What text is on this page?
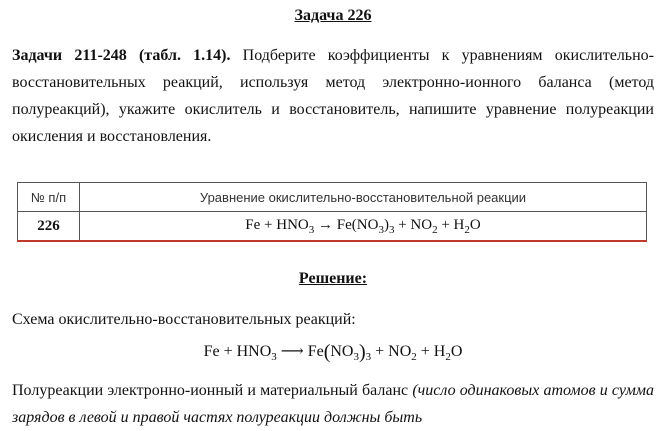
Задача 226
Задачи 211-248 (табл. 1.14). Подберите коэффициенты к уравнениям окислительно-восстановительных реакций, используя метод электронно-ионного баланса (метод полуреакций), укажите окислитель и восстановитель, напишите уравнение полуреакции окисления и восстановления.
№ п/п	Уравнение окислительно-восстановительной реакции
226	$Fe + HNO_3 \to Fe(NO_3)_3 + NO_2 + H_2O$
Решение:
Схема окислительно-восстановительных реакций:
$Fe + HNO_3$ ⟶ $Fe(NO_3)_3 + NO_2 + H_2O$
Полуреакции электронно-ионный и материальный баланс (число одинаковых атомов и сумма зарядов в левой и правой частях полуреакции должны быть
